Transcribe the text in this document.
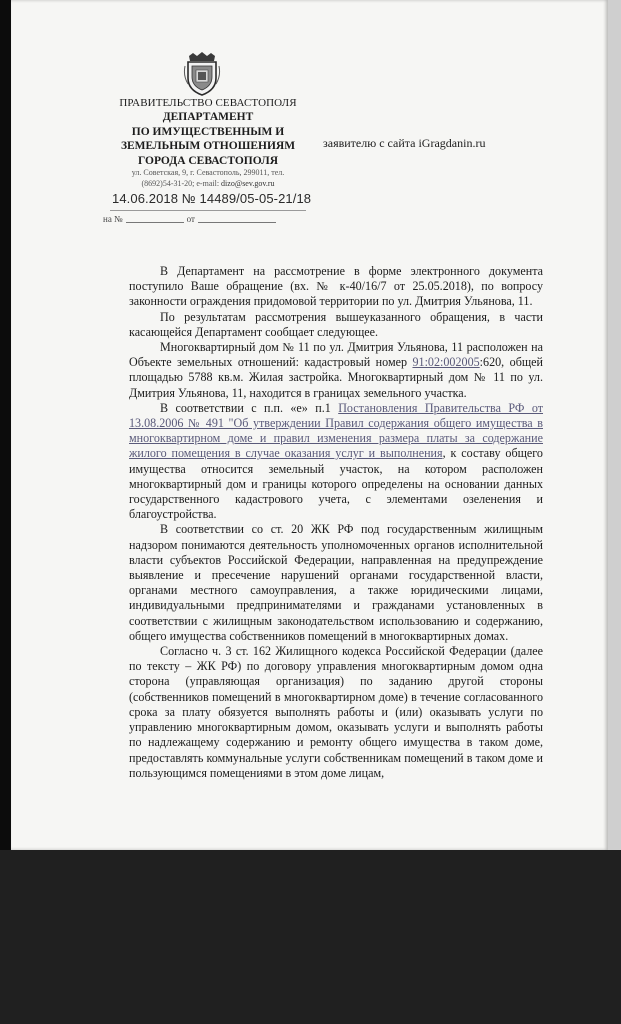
ПРАВИТЕЛЬСТВО СЕВАСТОПОЛЯ
ДЕПАРТАМЕНТ
ПО ИМУЩЕСТВЕННЫМ И
ЗЕМЕЛЬНЫМ ОТНОШЕНИЯМ
ГОРОДА СЕВАСТОПОЛЯ
ул. Советская, 9, г. Севастополь, 299011, тел.
(8692)54-31-20; e-mail: dizo@sev.gov.ru
14.06.2018 № 14489/05-05-21/18
на №	от
заявителю с сайта iGragdanin.ru

В Департамент на рассмотрение в форме электронного документа поступило Ваше обращение (вх. № к-40/16/7 от 25.05.2018), по вопросу законности ограждения придомовой территории по ул. Дмитрия Ульянова, 11.

По результатам рассмотрения вышеуказанного обращения, в части касающейся Департамент сообщает следующее.

Многоквартирный дом № 11 по ул. Дмитрия Ульянова, 11 расположен на Объекте земельных отношений: кадастровый номер 91:02:002005:620, общей площадью 5788 кв.м. Жилая застройка. Многоквартирный дом № 11 по ул. Дмитрия Ульянова, 11, находится в границах земельного участка.

В соответствии с п.п. «е» п.1 Постановления Правительства РФ от 13.08.2006 № 491 "Об утверждении Правил содержания общего имущества в многоквартирном доме и правил изменения размера платы за содержание жилого помещения в случае оказания услуг и выполнения, к составу общего имущества относится земельный участок, на котором расположен многоквартирный дом и границы которого определены на основании данных государственного кадастрового учета, с элементами озеленения и благоустройства.

В соответствии со ст. 20 ЖК РФ под государственным жилищным надзором понимаются деятельность уполномоченных органов исполнительной власти субъектов Российской Федерации, направленная на предупреждение выявление и пресечение нарушений органами государственной власти, органами местного самоуправления, а также юридическими лицами, индивидуальными предпринимателями и гражданами установленных в соответствии с жилищным законодательством использованию и содержанию, общего имущества собственников помещений в многоквартирных домах.

Согласно ч. 3 ст. 162 Жилищного кодекса Российской Федерации (далее по тексту – ЖК РФ) по договору управления многоквартирным домом одна сторона (управляющая организация) по заданию другой стороны (собственников помещений в многоквартирном доме) в течение согласованного срока за плату обязуется выполнять работы и (или) оказывать услуги по управлению многоквартирным домом, оказывать услуги и выполнять работы по надлежащему содержанию и ремонту общего имущества в таком доме, предоставлять коммунальные услуги собственникам помещений в таком доме и пользующимся помещениями в этом доме лицам,
